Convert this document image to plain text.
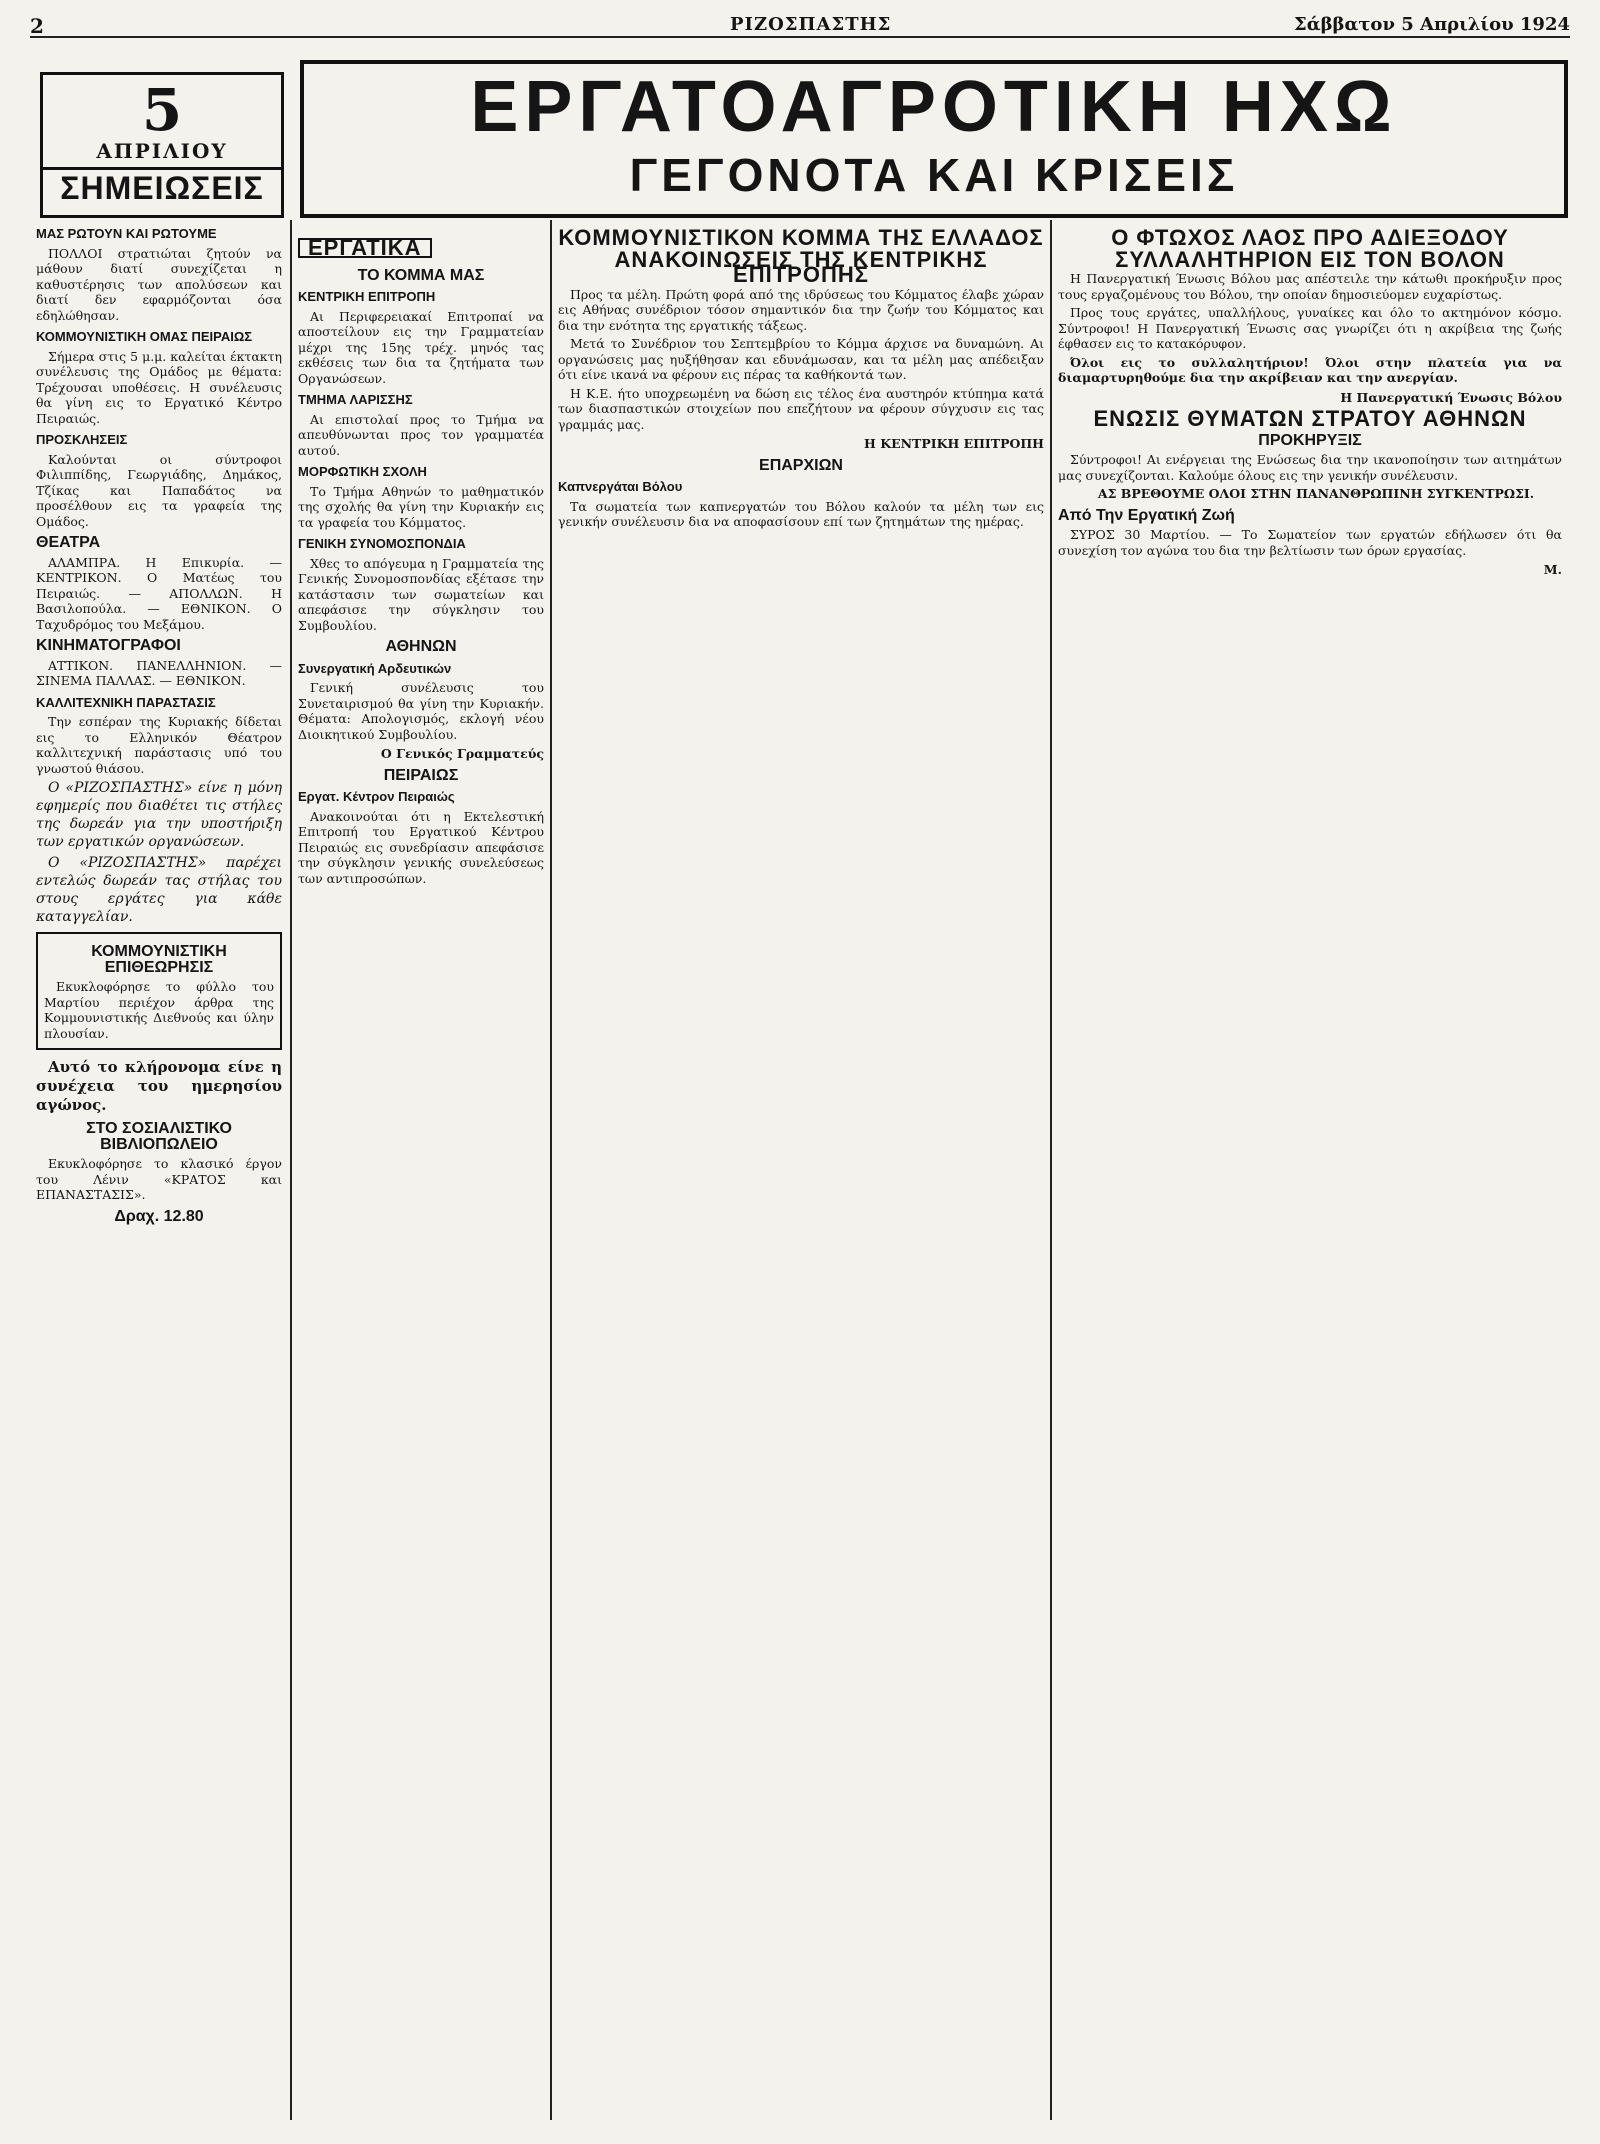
2	ΡΙΖΟΣΠΑΣΤΗΣ	Σάββατον 5 Απριλίου 1924
5
ΑΠΡΙΛΙΟΥ
ΣΗΜΕΙΩΣΕΙΣ
ΕΡΓΑΤΟΑΓΡΟΤΙΚΗ ΗΧΩ
ΓΕΓΟΝΟΤΑ ΚΑΙ ΚΡΙΣΕΙΣ
ΜΑΣ ΡΩΤΟΥΝ ΚΑΙ ΡΩΤΟΥΜΕ

ΠΟΛΛΟΙ στρατιώται ζητούν να μάθουν διατί συνεχίζεται η καθυστέρησις των απολύσεων και διατί δεν εφαρμόζονται όσα εδηλώθησαν.

ΚΟΜΜΟΥΝΙΣΤΙΚΗ ΟΜΑΣ ΠΕΙΡΑΙΩΣ

Σήμερα στις 5 μ.μ. καλείται έκτακτη συνέλευσις της Ομάδος με θέματα: Τρέχουσαι υποθέσεις. Η συνέλευσις θα γίνη εις το Εργατικό Κέντρο Πειραιώς.

ΠΡΟΣΚΛΗΣΕΙΣ

Καλούνται οι σύντροφοι Φιλιππίδης, Γεωργιάδης, Δημάκος, Τζίκας και Παπαδάτος να προσέλθουν εις τα γραφεία της Ομάδος.

ΘΕΑΤΡΑ

ΑΛΑΜΠΡΑ. Η Επικυρία. — ΚΕΝΤΡΙΚΟΝ. Ο Ματέως του Πειραιώς. — ΑΠΟΛΛΩΝ. Η Βασιλοπούλα. — ΕΘΝΙΚΟΝ. Ο Ταχυδρόμος του Μεξάμου.

ΚΙΝΗΜΑΤΟΓΡΑΦΟΙ

ΑΤΤΙΚΟΝ. ΠΑΝΕΛΛΗΝΙΟΝ. — ΣΙΝΕΜΑ ΠΑΛΛΑΣ. — ΕΘΝΙΚΟΝ.

ΚΑΛΛΙΤΕΧΝΙΚΗ ΠΑΡΑΣΤΑΣΙΣ

Την εσπέραν της Κυριακής δίδεται εις το Ελληνικόν Θέατρον καλλιτεχνική παράστασις υπό του γνωστού θιάσου.

Ο «ΡΙΖΟΣΠΑΣΤΗΣ» είνε η μόνη εφημερίς που διαθέτει τις στήλες της δωρεάν για την υποστήριξη των εργατικών οργανώσεων.

Ο «ΡΙΖΟΣΠΑΣΤΗΣ» παρέχει εντελώς δωρεάν τας στήλας του στους εργάτες για κάθε καταγγελίαν.

ΚΟΜΜΟΥΝΙΣΤΙΚΗ ΕΠΙΘΕΩΡΗΣΙΣ

Εκυκλοφόρησε το φύλλο του Μαρτίου περιέχον άρθρα της Κομμουνιστικής Διεθνούς και ύλην πλουσίαν.

Αυτό το κλήρονομα είνε η συνέχεια του ημερησίου αγώνος.

ΣΤΟ ΣΟΣΙΑΛΙΣΤΙΚΟ ΒΙΒΛΙΟΠΩΛΕΙΟ

Εκυκλοφόρησε το κλασικό έργον του Λένιν «ΚΡΑΤΟΣ και ΕΠΑΝΑΣΤΑΣΙΣ».

Δραχ. 12.80
ΕΡΓΑΤΙΚΑ
ΤΟ ΚΟΜΜΑ ΜΑΣ
ΚΕΝΤΡΙΚΗ ΕΠΙΤΡΟΠΗ

Αι Περιφερειακαί Επιτροπαί να αποστείλουν εις την Γραμματείαν μέχρι της 15ης τρέχ. μηνός τας εκθέσεις των δια τα ζητήματα των Οργανώσεων.

ΤΜΗΜΑ ΛΑΡΙΣΣΗΣ

Αι επιστολαί προς το Τμήμα να απευθύνωνται προς τον γραμματέα αυτού.

ΜΟΡΦΩΤΙΚΗ ΣΧΟΛΗ

Το Τμήμα Αθηνών το μαθηματικόν της σχολής θα γίνη την Κυριακήν εις τα γραφεία του Κόμματος.

ΓΕΝΙΚΗ ΣΥΝΟΜΟΣΠΟΝΔΙΑ

Χθες το απόγευμα η Γραμματεία της Γενικής Συνομοσπονδίας εξέτασε την κατάστασιν των σωματείων και απεφάσισε την σύγκλησιν του Συμβουλίου.

ΑΘΗΝΩΝ
Συνεργατική Αρδευτικών

Γενική συνέλευσις του Συνεταιρισμού θα γίνη την Κυριακήν. Θέματα: Απολογισμός, εκλογή νέου Διοικητικού Συμβουλίου.

Ο Γενικός Γραμματεύς
ΠΕΙΡΑΙΩΣ
Εργατ. Κέντρον Πειραιώς

Ανακοινούται ότι η Εκτελεστική Επιτροπή του Εργατικού Κέντρου Πειραιώς εις συνεδρίασιν απεφάσισε την σύγκλησιν γενικής συνελεύσεως των αντιπροσώπων.

ΚΟΜΜΟΥΝΙΣΤΙΚΟΝ ΚΟΜΜΑ ΤΗΣ ΕΛΛΑΔΟΣ
ΑΝΑΚΟΙΝΩΣΕΙΣ ΤΗΣ ΚΕΝΤΡΙΚΗΣ ΕΠΙΤΡΟΠΗΣ

Προς τα μέλη. Πρώτη φορά από της ιδρύσεως του Κόμματος έλαβε χώραν εις Αθήνας συνέδριον τόσον σημαντικόν δια την ζωήν του Κόμματος και δια την ενότητα της εργατικής τάξεως.

Μετά το Συνέδριον του Σεπτεμβρίου το Κόμμα άρχισε να δυναμώνη. Αι οργανώσεις μας ηυξήθησαν και εδυνάμωσαν, και τα μέλη μας απέδειξαν ότι είνε ικανά να φέρουν εις πέρας τα καθήκοντά των.

Η Κ.Ε. ήτο υποχρεωμένη να δώση εις τέλος ένα αυστηρόν κτύπημα κατά των διασπαστικών στοιχείων που επεζήτουν να φέρουν σύγχυσιν εις τας γραμμάς μας.

Η ΚΕΝΤΡΙΚΗ ΕΠΙΤΡΟΠΗ
ΕΠΑΡΧΙΩΝ
Καπνεργάται Βόλου

Τα σωματεία των καπνεργατών του Βόλου καλούν τα μέλη των εις γενικήν συνέλευσιν δια να αποφασίσουν επί των ζητημάτων της ημέρας.

Ο ΦΤΩΧΟΣ ΛΑΟΣ ΠΡΟ ΑΔΙΕΞΟΔΟΥ
ΣΥΛΛΑΛΗΤΗΡΙΟΝ ΕΙΣ ΤΟΝ ΒΟΛΟΝ

Η Πανεργατική Ένωσις Βόλου μας απέστειλε την κάτωθι προκήρυξιν προς τους εργαζομένους του Βόλου, την οποίαν δημοσιεύομεν ευχαρίστως.

Προς τους εργάτες, υπαλλήλους, γυναίκες και όλο το ακτημόνον κόσμο. Σύντροφοι! Η Πανεργατική Ένωσις σας γνωρίζει ότι η ακρίβεια της ζωής έφθασεν εις το κατακόρυφον.

Όλοι εις το συλλαλητήριον! Όλοι στην πλατεία για να διαμαρτυρηθούμε δια την ακρίβειαν και την ανεργίαν.

Η Πανεργατική Ένωσις Βόλου
ΕΝΩΣΙΣ ΘΥΜΑΤΩΝ ΣΤΡΑΤΟΥ ΑΘΗΝΩΝ
ΠΡΟΚΗΡΥΞΙΣ

Σύντροφοι! Αι ενέργειαι της Ενώσεως δια την ικανοποίησιν των αιτημάτων μας συνεχίζονται. Καλούμε όλους εις την γενικήν συνέλευσιν.

ΑΣ ΒΡΕΘΟΥΜΕ ΟΛΟΙ ΣΤΗΝ ΠΑΝΑΝΘΡΩΠΙΝΗ ΣΥΓΚΕΝΤΡΩΣΙ.

Από Την Εργατική Ζωή

ΣΥΡΟΣ 30 Μαρτίου. — Το Σωματείον των εργατών εδήλωσεν ότι θα συνεχίση τον αγώνα του δια την βελτίωσιν των όρων εργασίας.

Μ.
